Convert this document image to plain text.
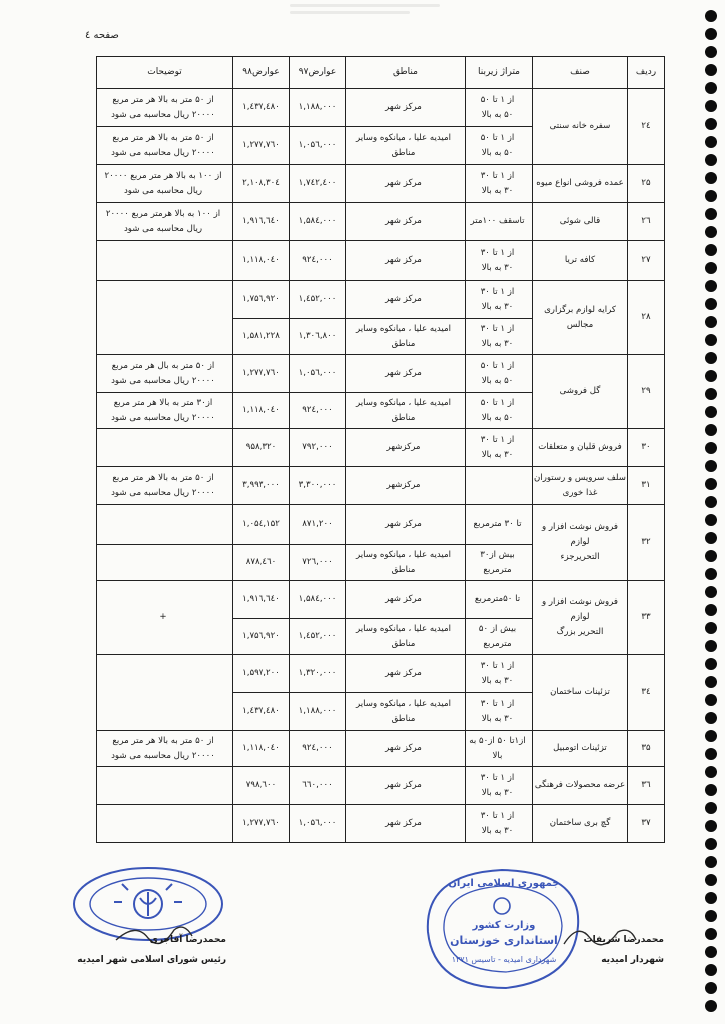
صفحه ٤
ردیف	صنف	متراژ زیربنا	مناطق	عوارض۹۷	عوارض۹۸	توضیحات
۲٤	سفره خانه سنتی	از ۱ تا ۵۰
۵۰ به بالا	مرکز شهر	۱,۱۸۸,۰۰۰	۱,٤۳۷,٤۸۰	از ۵۰ متر به بالا هر متر مربع
۲۰۰۰۰ ریال محاسبه می شود
		از ۱ تا ۵۰
۵۰ به بالا	امیدیه علیا ، میانکوه وسایر
مناطق	۱,۰۵٦,۰۰۰	۱,۲۷۷,۷٦۰	از ۵۰ متر به بالا هر متر مربع
۲۰۰۰۰ ریال محاسبه می شود
۲۵	عمده فروشی انواع میوه	از ۱ تا ۳۰
۳۰ به بالا	مرکز شهر	۱,۷٤۲,٤۰۰	۲,۱۰۸,۳۰٤	از ۱۰۰ به بالا هر متر مربع ۲۰۰۰۰
ریال محاسبه می شود
۲٦	قالی شوئی	تاسقف ۱۰۰متر	مرکز شهر	۱,۵۸٤,۰۰۰	۱,۹۱٦,٦٤۰	از ۱۰۰ به بالا هرمتر مربع ۲۰۰۰۰
ریال محاسبه می شود
۲۷	کافه تریا	از ۱ تا ۳۰
۳۰ به بالا	مرکز شهر	۹۲٤,۰۰۰	۱,۱۱۸,۰٤۰	
۲۸	کرایه لوازم برگزاری مجالس	از ۱ تا ۳۰
۳۰ به بالا	مرکز شهر	۱,٤۵۲,۰۰۰	۱,۷۵٦,۹۲۰	
		از ۱ تا ۳۰
۳۰ به بالا	امیدیه علیا ، میانکوه وسایر
مناطق	۱,۳۰٦,۸۰۰	۱,۵۸۱,۲۲۸	
۲۹	گل فروشی	از ۱ تا ۵۰
۵۰ به بالا	مرکز شهر	۱,۰۵٦,۰۰۰	۱,۲۷۷,۷٦۰	از ۵۰ متر به بال هر متر مربع
۲۰۰۰۰ ریال محاسبه می شود
		از ۱ تا ۵۰
۵۰ به بالا	امیدیه علیا ، میانکوه وسایر
مناطق	۹۲٤,۰۰۰	۱,۱۱۸,۰٤۰	از۳۰ متر به بالا هر متر مربع
۲۰۰۰۰ ریال محاسبه می شود
۳۰	فروش قلیان و متعلقات	از ۱ تا ۳۰
۳۰ به بالا	مرکزشهر	۷۹۲,۰۰۰	۹۵۸,۳۲۰	
۳۱	سلف سرویس و رستوران
غذا خوری		مرکزشهر	۳,۳۰۰,۰۰۰	۳,۹۹۳,۰۰۰	از ۵۰ متر به بالا هر متر مربع
۲۰۰۰۰ ریال محاسبه می شود
۳۲	فروش نوشت افزار و لوازم
التحریرجزء	تا ۳۰ مترمربع	مرکز شهر	۸۷۱,۲۰۰	۱,۰۵٤,۱۵۲	
		بیش از۳۰ مترمربع	امیدیه علیا ، میانکوه وسایر
مناطق	۷۲٦,۰۰۰	۸۷۸,٤٦۰	
۳۳	فروش نوشت افزار و لوازم
التحریر بزرگ	تا ۵۰مترمربع	مرکز شهر	۱,۵۸٤,۰۰۰	۱,۹۱٦,٦٤۰	+
		بیش از ۵۰ مترمربع	امیدیه علیا ، میانکوه وسایر
مناطق	۱,٤۵۲,۰۰۰	۱,۷۵٦,۹۲۰	
۳٤	تزئینات ساختمان	از ۱ تا ۳۰
۳۰ به بالا	مرکز شهر	۱,۳۲۰,۰۰۰	۱,۵۹۷,۲۰۰	
		از ۱ تا ۳۰
۳۰ به بالا	امیدیه علیا ، میانکوه وسایر
مناطق	۱,۱۸۸,۰۰۰	۱,٤۳۷,٤۸۰	
۳۵	تزئینات اتومبیل	از۱تا ۵۰ از۵۰ به
بالا	مرکز شهر	۹۲٤,۰۰۰	۱,۱۱۸,۰٤۰	از ۵۰ متر به بالا هر متر مربع
۲۰۰۰۰ ریال محاسبه می شود
۳٦	عرضه محصولات فرهنگی	از ۱ تا ۳۰
۳۰ به بالا	مرکز شهر	٦٦۰,۰۰۰	۷۹۸,٦۰۰	
۳۷	گچ بری ساختمان	از ۱ تا ۳۰
۳۰ به بالا	مرکز شهر	۱,۰۵٦,۰۰۰	۱,۲۷۷,۷٦۰	
جمهوری اسلامی ایران
وزارت کشور
استانداری خوزستان
شهرداری امیدیه - تاسیس ۱۳۷۱
محمدرضا آقاجری
رئیس شورای اسلامی شهر امیدیه
محمدرضا شریفات
شهردار امیدیه
